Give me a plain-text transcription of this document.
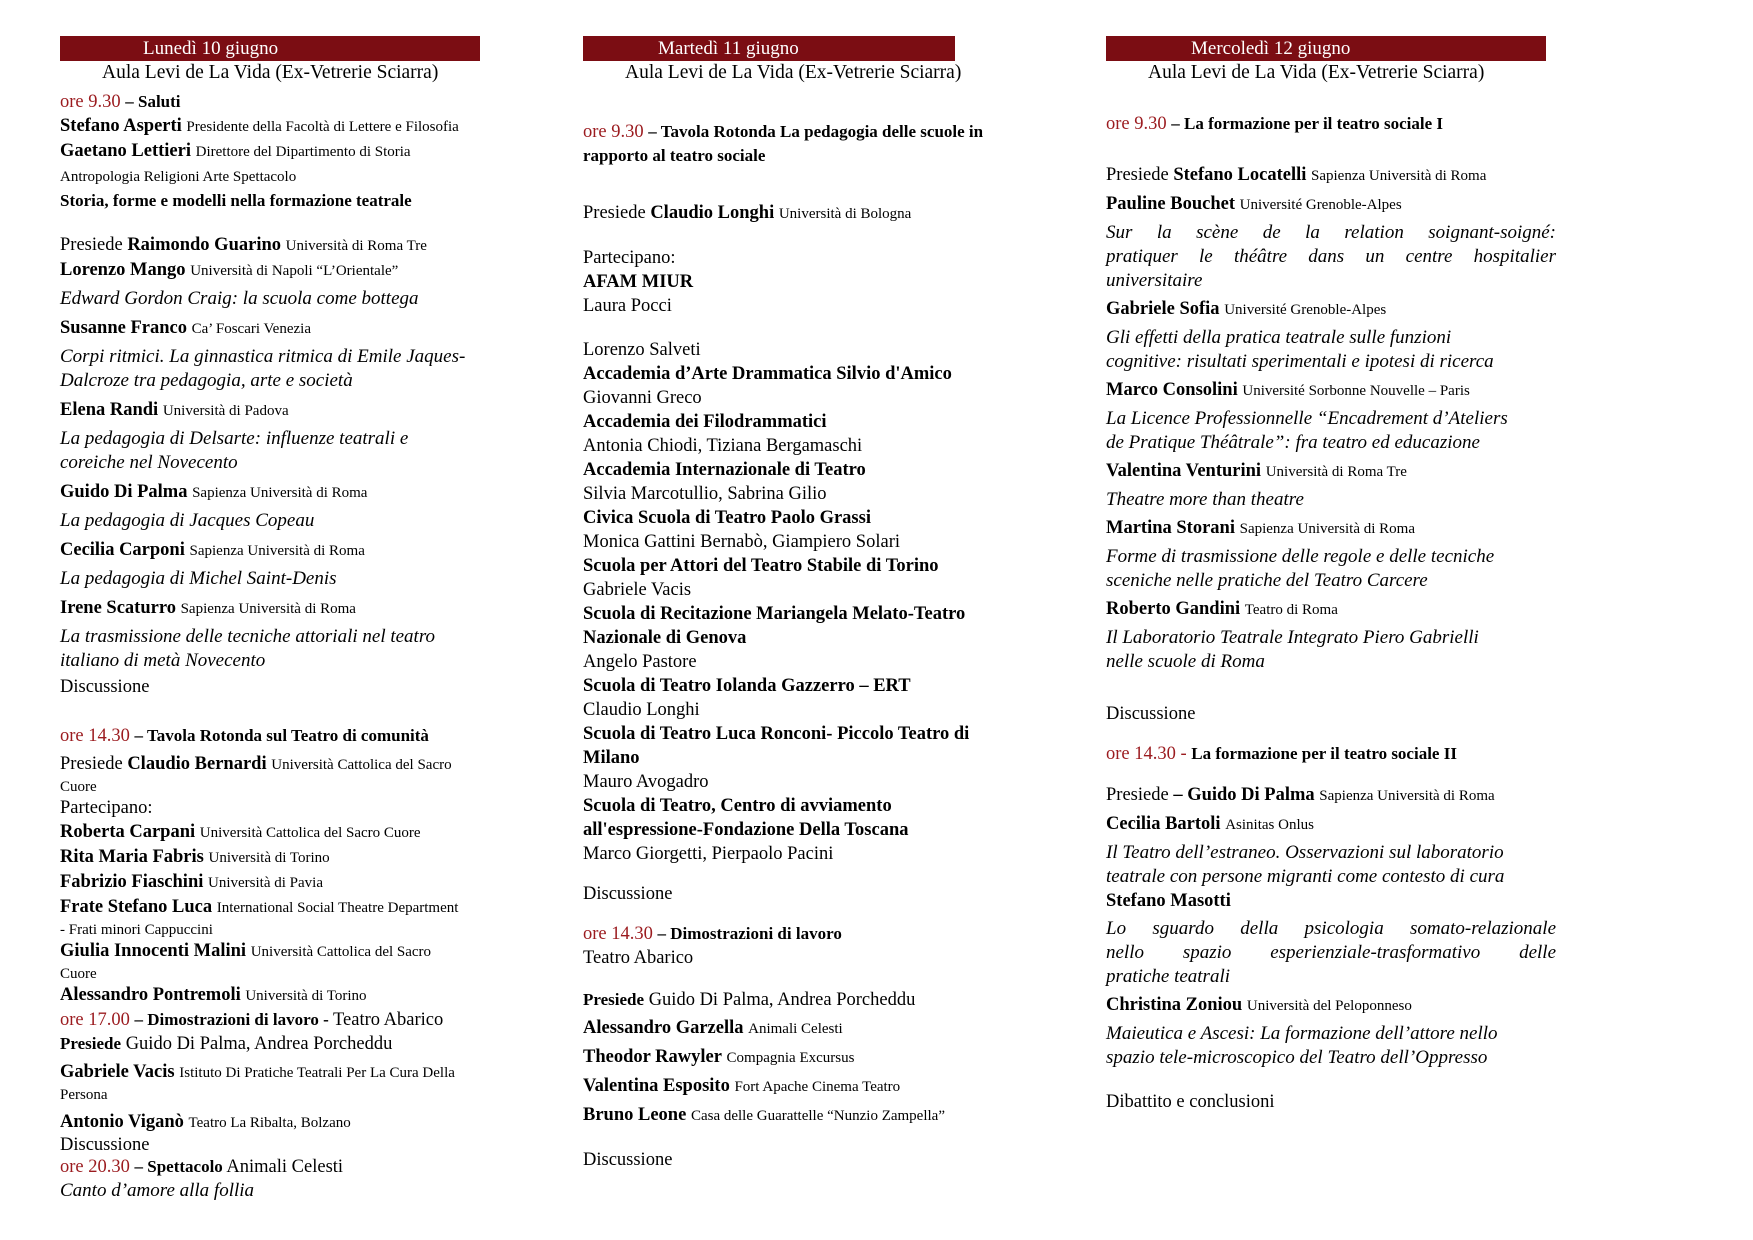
Lunedì 10 giugno
Aula Levi de La Vida (Ex-Vetrerie Sciarra)
ore 9.30 – Saluti
Stefano Asperti Presidente della Facoltà di Lettere e Filosofia
Gaetano Lettieri Direttore del Dipartimento di Storia
Antropologia Religioni Arte Spettacolo
Storia, forme e modelli nella formazione teatrale
Presiede Raimondo Guarino Università di Roma Tre
Lorenzo Mango Università di Napoli “L’Orientale”
Edward Gordon Craig: la scuola come bottega
Susanne Franco Ca’ Foscari Venezia
Corpi ritmici. La ginnastica ritmica di Emile Jaques-
Dalcroze tra pedagogia, arte e società
Elena Randi Università di Padova
La pedagogia di Delsarte: influenze teatrali e
coreiche nel Novecento
Guido Di Palma Sapienza Università di Roma
La pedagogia di Jacques Copeau
Cecilia Carponi Sapienza Università di Roma
La pedagogia di Michel Saint-Denis
Irene Scaturro Sapienza Università di Roma
La trasmissione delle tecniche attoriali nel teatro
italiano di metà Novecento
Discussione
ore 14.30 – Tavola Rotonda sul Teatro di comunità
Presiede Claudio Bernardi Università Cattolica del Sacro
Cuore
Partecipano:
Roberta Carpani Università Cattolica del Sacro Cuore
Rita Maria Fabris Università di Torino
Fabrizio Fiaschini Università di Pavia
Frate Stefano Luca International Social Theatre Department
- Frati minori Cappuccini
Giulia Innocenti Malini Università Cattolica del Sacro
Cuore
Alessandro Pontremoli Università di Torino
ore 17.00 – Dimostrazioni di lavoro - Teatro Abarico
Presiede Guido Di Palma, Andrea Porcheddu
Gabriele Vacis Istituto Di Pratiche Teatrali Per La Cura Della
Persona
Antonio Viganò Teatro La Ribalta, Bolzano
Discussione
ore 20.30 – Spettacolo Animali Celesti
Canto d’amore alla follia
Martedì 11 giugno
Aula Levi de La Vida (Ex-Vetrerie Sciarra)
ore 9.30 – Tavola Rotonda La pedagogia delle scuole in
rapporto al teatro sociale
Presiede Claudio Longhi Università di Bologna
Partecipano:
AFAM MIUR
Laura Pocci
Lorenzo Salveti
Accademia d’Arte Drammatica Silvio d'Amico
Giovanni Greco
Accademia dei Filodrammatici
Antonia Chiodi, Tiziana Bergamaschi
Accademia Internazionale di Teatro
Silvia Marcotullio, Sabrina Gilio
Civica Scuola di Teatro Paolo Grassi
Monica Gattini Bernabò, Giampiero Solari
Scuola per Attori del Teatro Stabile di Torino
Gabriele Vacis
Scuola di Recitazione Mariangela Melato-Teatro
Nazionale di Genova
Angelo Pastore
Scuola di Teatro Iolanda Gazzerro – ERT
Claudio Longhi
Scuola di Teatro Luca Ronconi- Piccolo Teatro di
Milano
Mauro Avogadro
Scuola di Teatro, Centro di avviamento
all'espressione-Fondazione Della Toscana
Marco Giorgetti, Pierpaolo Pacini
Discussione
ore 14.30 – Dimostrazioni di lavoro
Teatro Abarico
Presiede Guido Di Palma, Andrea Porcheddu
Alessandro Garzella Animali Celesti
Theodor Rawyler Compagnia Excursus
Valentina Esposito Fort Apache Cinema Teatro
Bruno Leone Casa delle Guarattelle “Nunzio Zampella”
Discussione
Mercoledì 12 giugno
Aula Levi de La Vida (Ex-Vetrerie Sciarra)
ore 9.30 – La formazione per il teatro sociale I
Presiede Stefano Locatelli Sapienza Università di Roma
Pauline Bouchet Université Grenoble-Alpes
Sur la scène de la relation soignant-soigné:
pratiquer le théâtre dans un centre hospitalier
universitaire
Gabriele Sofia Université Grenoble-Alpes
Gli effetti della pratica teatrale sulle funzioni
cognitive: risultati sperimentali e ipotesi di ricerca
Marco Consolini Université Sorbonne Nouvelle – Paris
La Licence Professionnelle “Encadrement d’Ateliers
de Pratique Théâtrale”: fra teatro ed educazione
Valentina Venturini Università di Roma Tre
Theatre more than theatre
Martina Storani Sapienza Università di Roma
Forme di trasmissione delle regole e delle tecniche
sceniche nelle pratiche del Teatro Carcere
Roberto Gandini Teatro di Roma
Il Laboratorio Teatrale Integrato Piero Gabrielli
nelle scuole di Roma
Discussione
ore 14.30 - La formazione per il teatro sociale II
Presiede – Guido Di Palma Sapienza Università di Roma
Cecilia Bartoli Asinitas Onlus
Il Teatro dell’estraneo. Osservazioni sul laboratorio
teatrale con persone migranti come contesto di cura
Stefano Masotti
Lo sguardo della psicologia somato-relazionale
nello spazio esperienziale-trasformativo delle
pratiche teatrali
Christina Zoniou Università del Peloponneso
Maieutica e Ascesi: La formazione dell’attore nello
spazio tele-microscopico del Teatro dell’Oppresso
Dibattito e conclusioni
